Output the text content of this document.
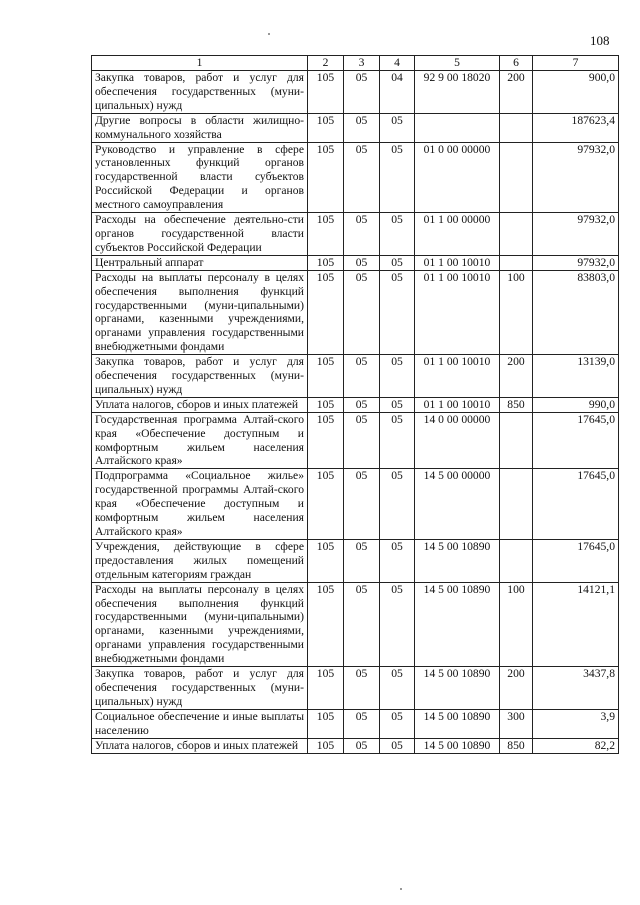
108
1	2	3	4	5	6	7
Закупка товаров, работ и услуг для обеспечения государственных (муни-ципальных) нужд	105	05	04	92 9 00 18020	200	900,0
Другие вопросы в области жилищно-коммунального хозяйства	105	05	05			187623,4
Руководство и управление в сфере установленных функций органов государственной власти субъектов Российской Федерации и органов местного самоуправления	105	05	05	01 0 00 00000		97932,0
Расходы на обеспечение деятельно-сти органов государственной власти субъектов Российской Федерации	105	05	05	01 1 00 00000		97932,0
Центральный аппарат	105	05	05	01 1 00 10010		97932,0
Расходы на выплаты персоналу в целях обеспечения выполнения функций государственными (муни-ципальными) органами, казенными учреждениями, органами управления государственными внебюджетными фондами	105	05	05	01 1 00 10010	100	83803,0
Закупка товаров, работ и услуг для обеспечения государственных (муни-ципальных) нужд	105	05	05	01 1 00 10010	200	13139,0
Уплата налогов, сборов и иных платежей	105	05	05	01 1 00 10010	850	990,0
Государственная программа Алтай-ского края «Обеспечение доступным и комфортным жильем населения Алтайского края»	105	05	05	14 0 00 00000		17645,0
Подпрограмма «Социальное жилье» государственной программы Алтай-ского края «Обеспечение доступным и комфортным жильем населения Алтайского края»	105	05	05	14 5 00 00000		17645,0
Учреждения, действующие в сфере предоставления жилых помещений отдельным категориям граждан	105	05	05	14 5 00 10890		17645,0
Расходы на выплаты персоналу в целях обеспечения выполнения функций государственными (муни-ципальными) органами, казенными учреждениями, органами управления государственными внебюджетными фондами	105	05	05	14 5 00 10890	100	14121,1
Закупка товаров, работ и услуг для обеспечения государственных (муни-ципальных) нужд	105	05	05	14 5 00 10890	200	3437,8
Социальное обеспечение и иные выплаты населению	105	05	05	14 5 00 10890	300	3,9
Уплата налогов, сборов и иных платежей	105	05	05	14 5 00 10890	850	82,2
